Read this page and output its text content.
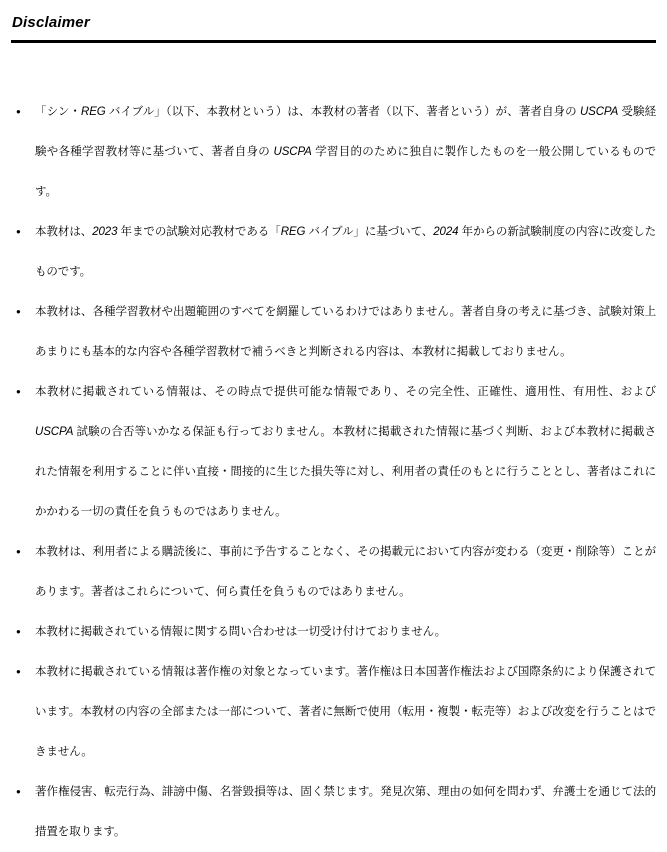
Disclaimer
● 「シン・REG バイブル」（以下、本教材という）は、本教材の著者（以下、著者という）が、著者自身の USCPA 受験経験や各種学習教材等に基づいて、著者自身の USCPA 学習目的のために独自に製作したものを一般公開しているものです。
● 本教材は、2023 年までの試験対応教材である「REG バイブル」に基づいて、2024 年からの新試験制度の内容に改変したものです。
● 本教材は、各種学習教材や出題範囲のすべてを網羅しているわけではありません。著者自身の考えに基づき、試験対策上あまりにも基本的な内容や各種学習教材で補うべきと判断される内容は、本教材に掲載しておりません。
● 本教材に掲載されている情報は、その時点で提供可能な情報であり、その完全性、正確性、適用性、有用性、および USCPA 試験の合否等いかなる保証も行っておりません。本教材に掲載された情報に基づく判断、および本教材に掲載された情報を利用することに伴い直接・間接的に生じた損失等に対し、利用者の責任のもとに行うこととし、著者はこれにかかわる一切の責任を負うものではありません。
● 本教材は、利用者による購読後に、事前に予告することなく、その掲載元において内容が変わる（変更・削除等）ことがあります。著者はこれらについて、何ら責任を負うものではありません。
● 本教材に掲載されている情報に関する問い合わせは一切受け付けておりません。
● 本教材に掲載されている情報は著作権の対象となっています。著作権は日本国著作権法および国際条約により保護されています。本教材の内容の全部または一部について、著者に無断で使用（転用・複製・転売等）および改変を行うことはできません。
● 著作権侵害、転売行為、誹謗中傷、名誉毀損等は、固く禁じます。発見次第、理由の如何を問わず、弁護士を通じて法的措置を取ります。
